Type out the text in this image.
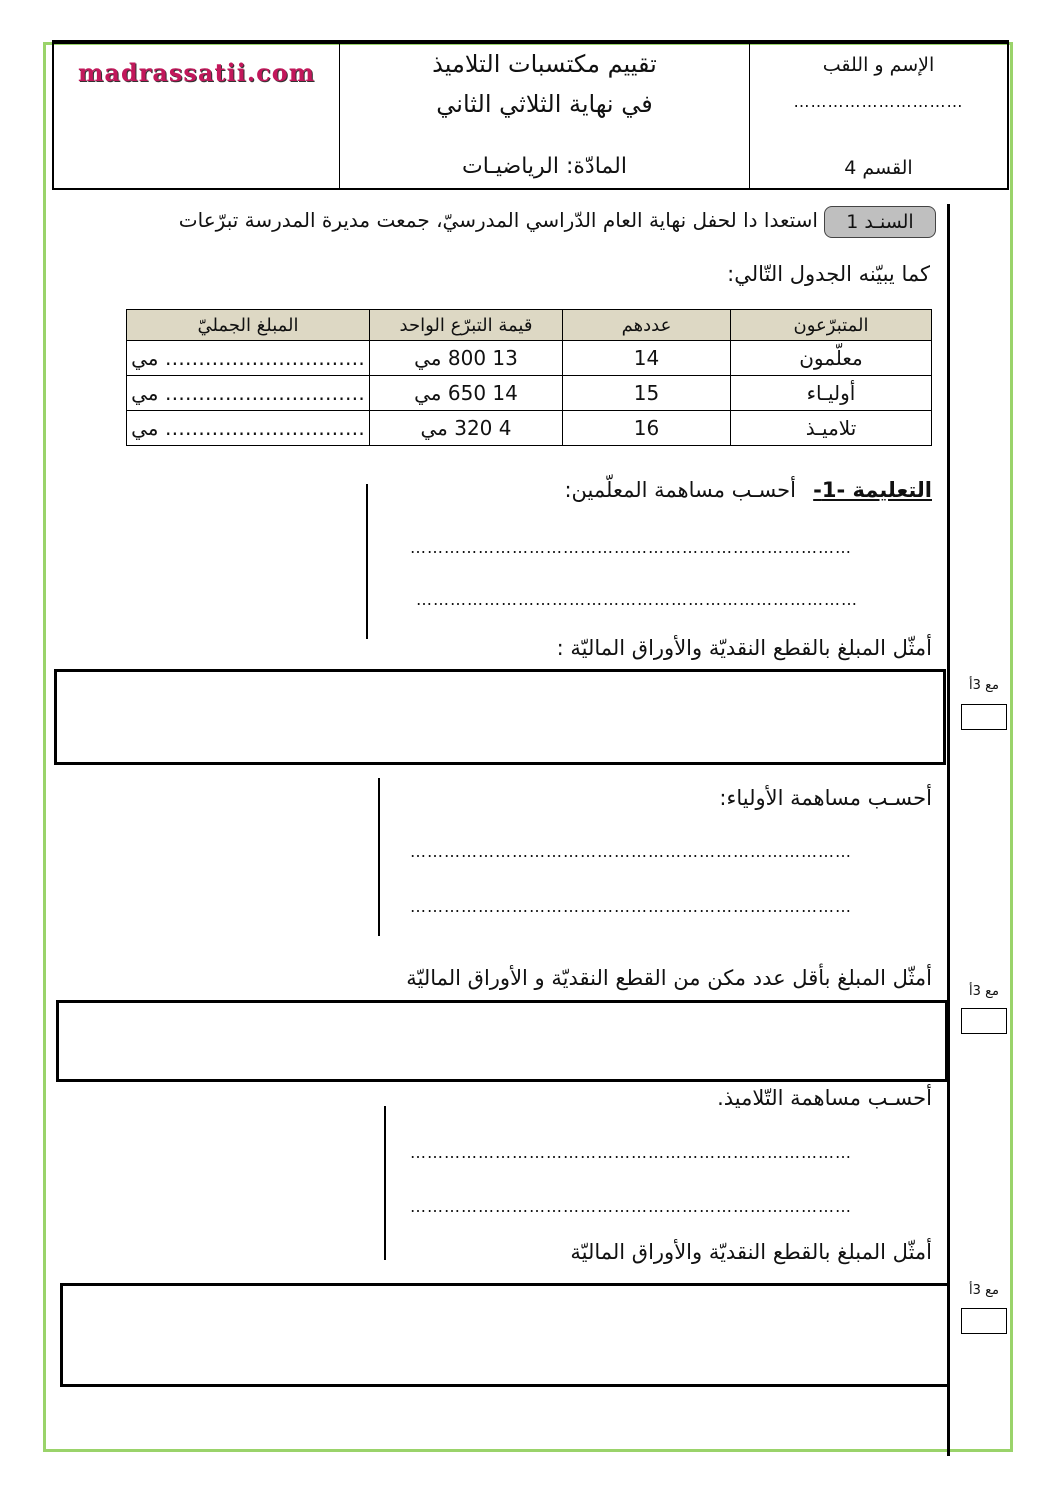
الإسم و اللقب
…………………………
القسم 4
تقييم مكتسبات التلاميذ
في نهاية الثلاثي الثاني
المادّة: الرياضيـات
madrassatii.com
السنـد 1
استعدا دا لحفل نهاية العام الدّراسي المدرسيّ، جمعت مديرة المدرسة تبرّعات
كما يبيّنه الجدول التّالي:
المتبرّعون	عددهم	قيمة التبرّع الواحد	المبلغ الجمليّ
معلّمون	14	13 800 مي	………………………… مي
أوليـاء	15	14 650 مي	………………………… مي
تلاميـذ	16	4 320 مي	………………………… مي
التعليمة -1-
أحسـب مساهمة المعلّمين:
……………………………………………………………………
……………………………………………………………………
أمثّل المبلغ بالقطع النقديّة والأوراق الماليّة :
مع 3أ
أحسـب مساهمة الأولياء:
……………………………………………………………………
……………………………………………………………………
أمثّل المبلغ بأقل عدد مكن من القطع النقديّة و الأوراق الماليّة
مع 3أ
أحسـب مساهمة التّلاميذ.
……………………………………………………………………
……………………………………………………………………
أمثّل المبلغ بالقطع النقديّة والأوراق الماليّة
مع 3أ
